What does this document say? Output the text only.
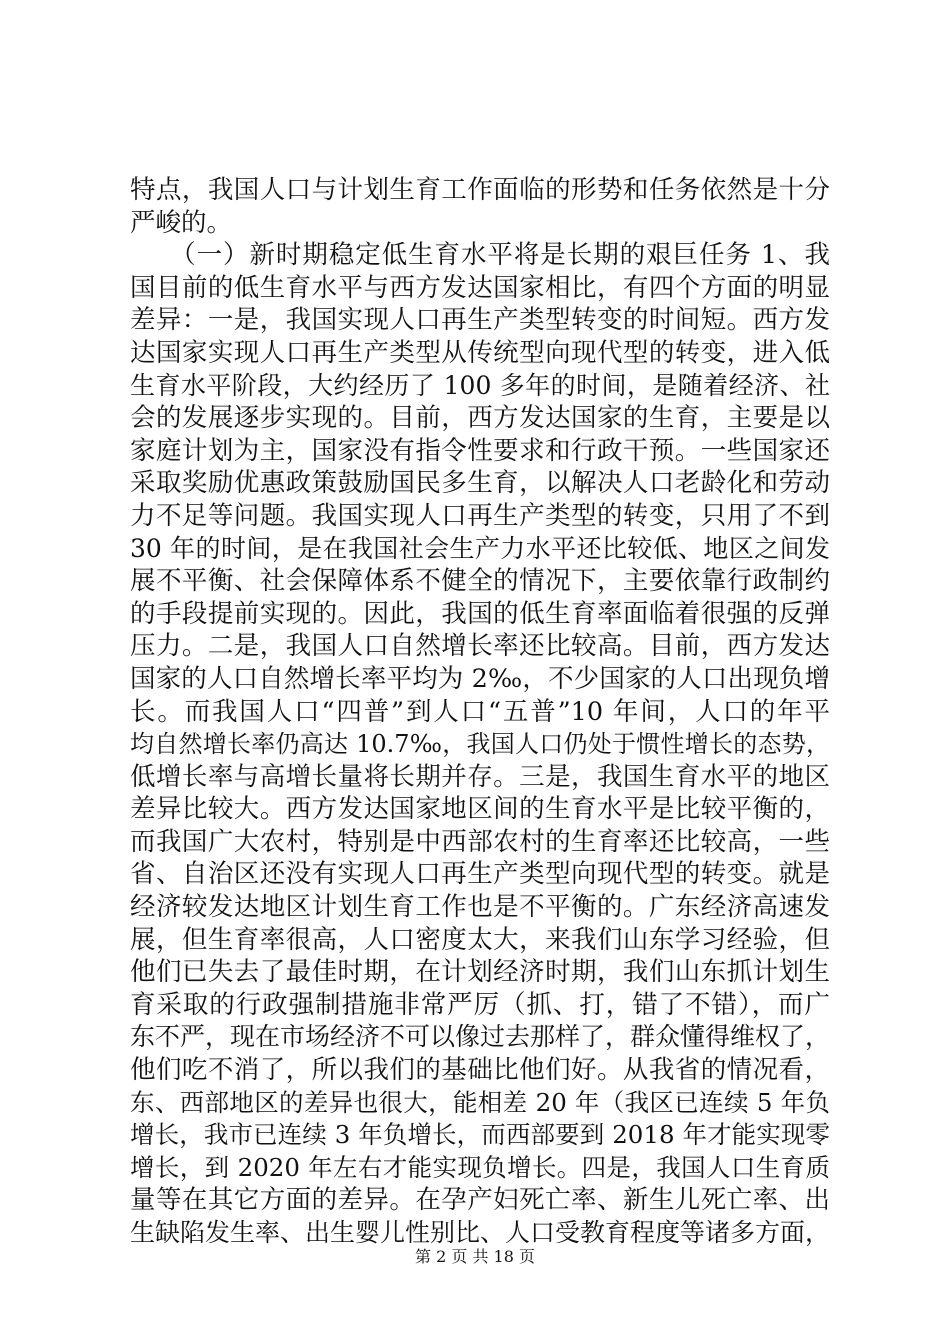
特点，我国人口与计划生育工作面临的形势和任务依然是十分
严峻的。
　　（一）新时期稳定低生育水平将是长期的艰巨任务 1、我
国目前的低生育水平与西方发达国家相比，有四个方面的明显
差异：一是，我国实现人口再生产类型转变的时间短。西方发
达国家实现人口再生产类型从传统型向现代型的转变，进入低
生育水平阶段，大约经历了 100 多年的时间，是随着经济、社
会的发展逐步实现的。目前，西方发达国家的生育，主要是以
家庭计划为主，国家没有指令性要求和行政干预。一些国家还
采取奖励优惠政策鼓励国民多生育，以解决人口老龄化和劳动
力不足等问题。我国实现人口再生产类型的转变，只用了不到
30 年的时间，是在我国社会生产力水平还比较低、地区之间发
展不平衡、社会保障体系不健全的情况下，主要依靠行政制约
的手段提前实现的。因此，我国的低生育率面临着很强的反弹
压力。二是，我国人口自然增长率还比较高。目前，西方发达
国家的人口自然增长率平均为 2‰，不少国家的人口出现负增
长。而我国人口“四普”到人口“五普”10 年间，人口的年平
均自然增长率仍高达 10.7‰，我国人口仍处于惯性增长的态势，
低增长率与高增长量将长期并存。三是，我国生育水平的地区
差异比较大。西方发达国家地区间的生育水平是比较平衡的，
而我国广大农村，特别是中西部农村的生育率还比较高，一些
省、自治区还没有实现人口再生产类型向现代型的转变。就是
经济较发达地区计划生育工作也是不平衡的。广东经济高速发
展，但生育率很高，人口密度太大，来我们山东学习经验，但
他们已失去了最佳时期，在计划经济时期，我们山东抓计划生
育采取的行政强制措施非常严厉（抓、打，错了不错），而广
东不严，现在市场经济不可以像过去那样了，群众懂得维权了，
他们吃不消了，所以我们的基础比他们好。从我省的情况看，
东、西部地区的差异也很大，能相差 20 年（我区已连续 5 年负
增长，我市已连续 3 年负增长，而西部要到 2018 年才能实现零
增长，到 2020 年左右才能实现负增长。四是，我国人口生育质
量等在其它方面的差异。在孕产妇死亡率、新生儿死亡率、出
生缺陷发生率、出生婴儿性别比、人口受教育程度等诸多方面，
第 2 页 共 18 页
